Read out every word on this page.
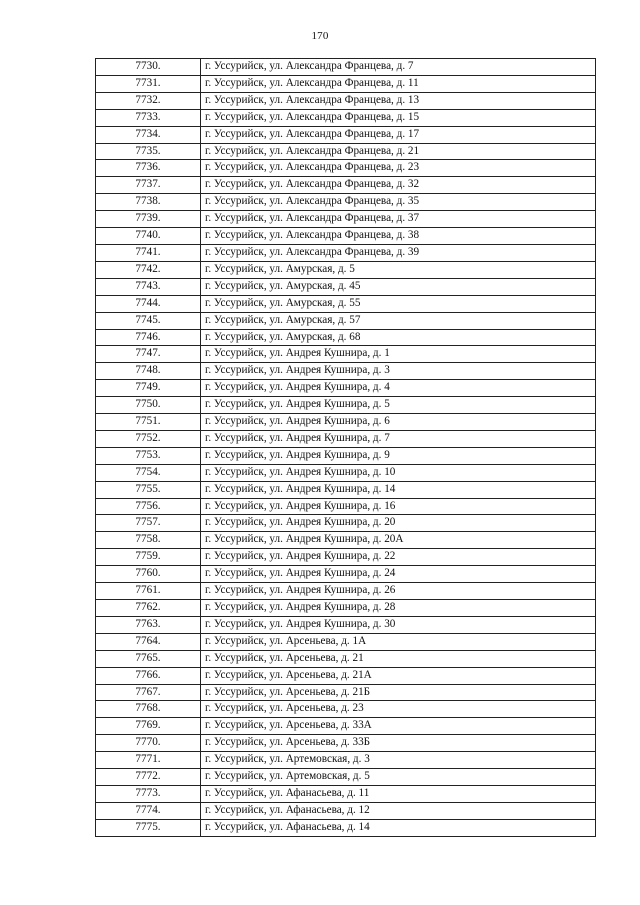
170
7730.	г. Уссурийск, ул. Александра Францева, д. 7
7731.	г. Уссурийск, ул. Александра Францева, д. 11
7732.	г. Уссурийск, ул. Александра Францева, д. 13
7733.	г. Уссурийск, ул. Александра Францева, д. 15
7734.	г. Уссурийск, ул. Александра Францева, д. 17
7735.	г. Уссурийск, ул. Александра Францева, д. 21
7736.	г. Уссурийск, ул. Александра Францева, д. 23
7737.	г. Уссурийск, ул. Александра Францева, д. 32
7738.	г. Уссурийск, ул. Александра Францева, д. 35
7739.	г. Уссурийск, ул. Александра Францева, д. 37
7740.	г. Уссурийск, ул. Александра Францева, д. 38
7741.	г. Уссурийск, ул. Александра Францева, д. 39
7742.	г. Уссурийск, ул. Амурская, д. 5
7743.	г. Уссурийск, ул. Амурская, д. 45
7744.	г. Уссурийск, ул. Амурская, д. 55
7745.	г. Уссурийск, ул. Амурская, д. 57
7746.	г. Уссурийск, ул. Амурская, д. 68
7747.	г. Уссурийск, ул. Андрея Кушнира, д. 1
7748.	г. Уссурийск, ул. Андрея Кушнира, д. 3
7749.	г. Уссурийск, ул. Андрея Кушнира, д. 4
7750.	г. Уссурийск, ул. Андрея Кушнира, д. 5
7751.	г. Уссурийск, ул. Андрея Кушнира, д. 6
7752.	г. Уссурийск, ул. Андрея Кушнира, д. 7
7753.	г. Уссурийск, ул. Андрея Кушнира, д. 9
7754.	г. Уссурийск, ул. Андрея Кушнира, д. 10
7755.	г. Уссурийск, ул. Андрея Кушнира, д. 14
7756.	г. Уссурийск, ул. Андрея Кушнира, д. 16
7757.	г. Уссурийск, ул. Андрея Кушнира, д. 20
7758.	г. Уссурийск, ул. Андрея Кушнира, д. 20А
7759.	г. Уссурийск, ул. Андрея Кушнира, д. 22
7760.	г. Уссурийск, ул. Андрея Кушнира, д. 24
7761.	г. Уссурийск, ул. Андрея Кушнира, д. 26
7762.	г. Уссурийск, ул. Андрея Кушнира, д. 28
7763.	г. Уссурийск, ул. Андрея Кушнира, д. 30
7764.	г. Уссурийск, ул. Арсеньева, д. 1А
7765.	г. Уссурийск, ул. Арсеньева, д. 21
7766.	г. Уссурийск, ул. Арсеньева, д. 21А
7767.	г. Уссурийск, ул. Арсеньева, д. 21Б
7768.	г. Уссурийск, ул. Арсеньева, д. 23
7769.	г. Уссурийск, ул. Арсеньева, д. 33А
7770.	г. Уссурийск, ул. Арсеньева, д. 33Б
7771.	г. Уссурийск, ул. Артемовская, д. 3
7772.	г. Уссурийск, ул. Артемовская, д. 5
7773.	г. Уссурийск, ул. Афанасьева, д. 11
7774.	г. Уссурийск, ул. Афанасьева, д. 12
7775.	г. Уссурийск, ул. Афанасьева, д. 14
